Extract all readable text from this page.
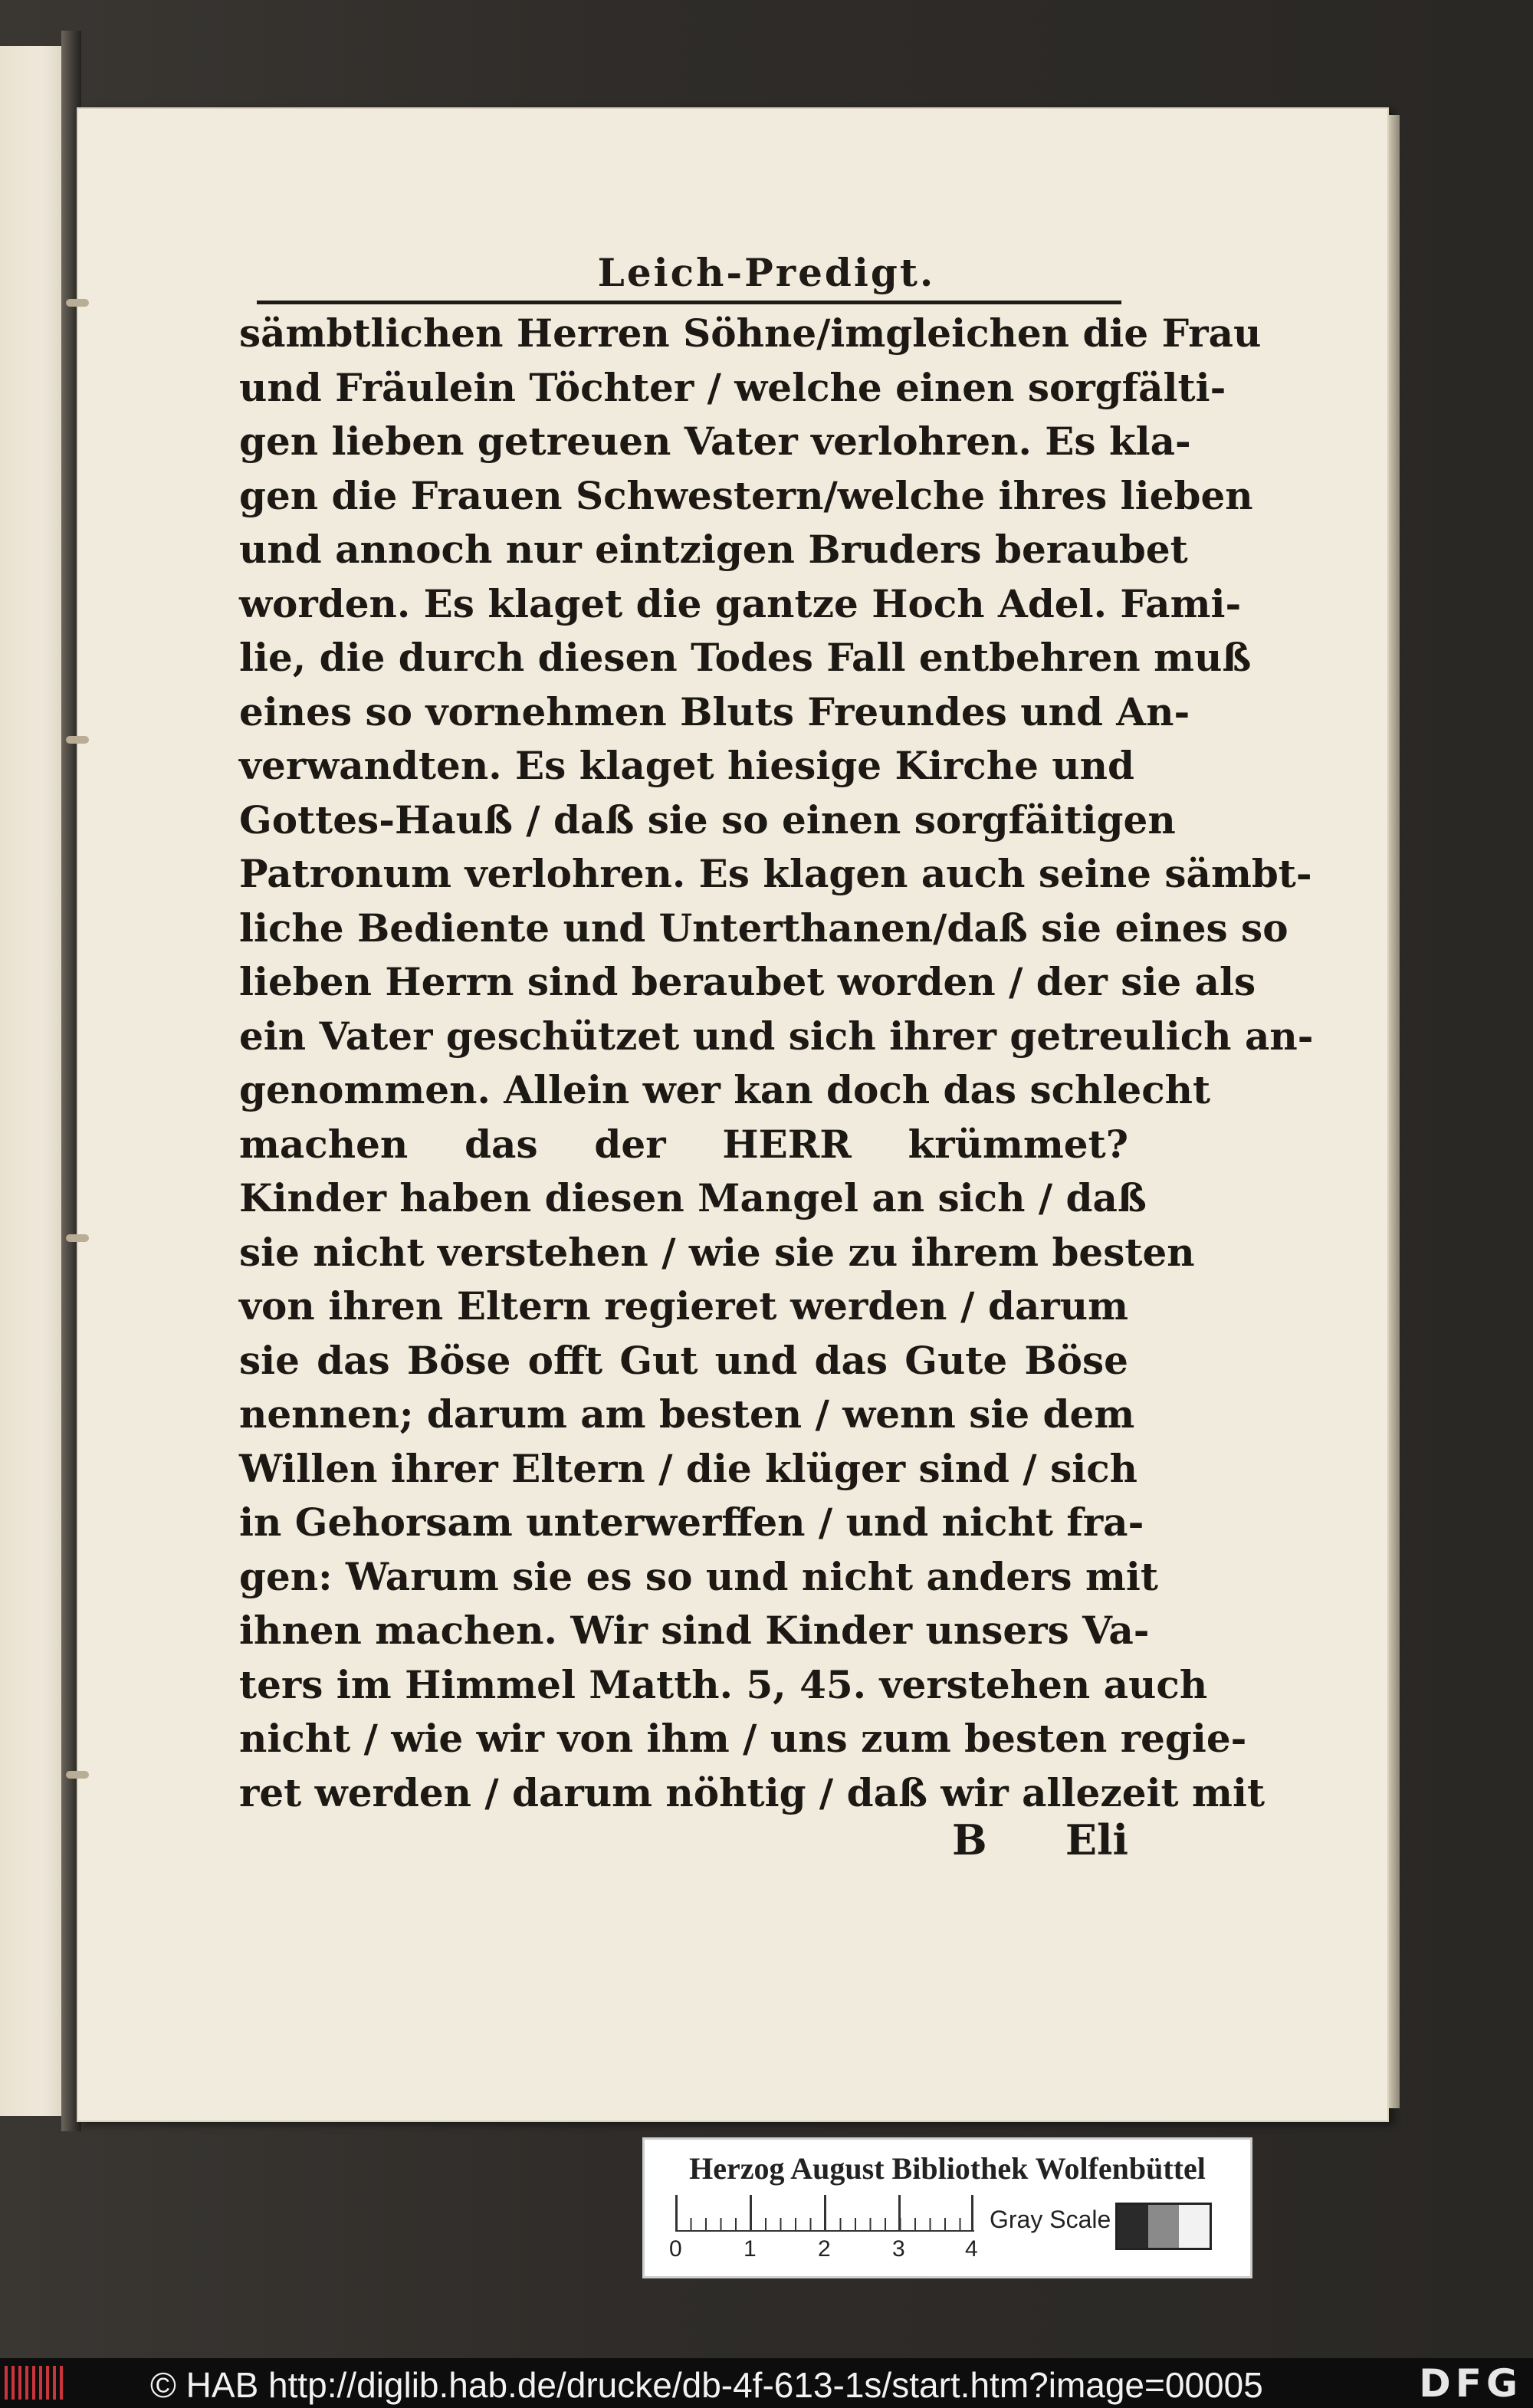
Leich-Predigt.
sämbtlichen Herren Söhne/imgleichen die Frau
und Fräulein Töchter / welche einen sorgfälti-
gen lieben getreuen Vater verlohren. Es kla-
gen die Frauen Schwestern/welche ihres lieben
und annoch nur eintzigen Bruders beraubet
worden. Es klaget die gantze Hoch Adel. Fami-
lie, die durch diesen Todes Fall entbehren muß
eines so vornehmen Bluts Freundes und An-
verwandten. Es klaget hiesige Kirche und
Gottes-Hauß / daß sie so einen sorgfäitigen
Patronum verlohren. Es klagen auch seine sämbt-
liche Bediente und Unterthanen/daß sie eines so
lieben Herrn sind beraubet worden / der sie als
ein Vater geschützet und sich ihrer getreulich an-
genommen. Allein wer kan doch das schlecht
machen das der HERR krümmet?
Kinder haben diesen Mangel an sich / daß
sie nicht verstehen / wie sie zu ihrem besten
von ihren Eltern regieret werden / darum
sie das Böse offt Gut und das Gute Böse
nennen; darum am besten / wenn sie dem
Willen ihrer Eltern / die klüger sind / sich
in Gehorsam unterwerffen / und nicht fra-
gen: Warum sie es so und nicht anders mit
ihnen machen. Wir sind Kinder unsers Va-
ters im Himmel Matth. 5, 45. verstehen auch
nicht / wie wir von ihm / uns zum besten regie-
ret werden / darum nöhtig / daß wir allezeit mit
B Eli
Herzog August Bibliothek Wolfenbüttel
0	1	2	3	4
Gray Scale
© HAB http://diglib.hab.de/drucke/db-4f-613-1s/start.htm?image=00005	DFG
